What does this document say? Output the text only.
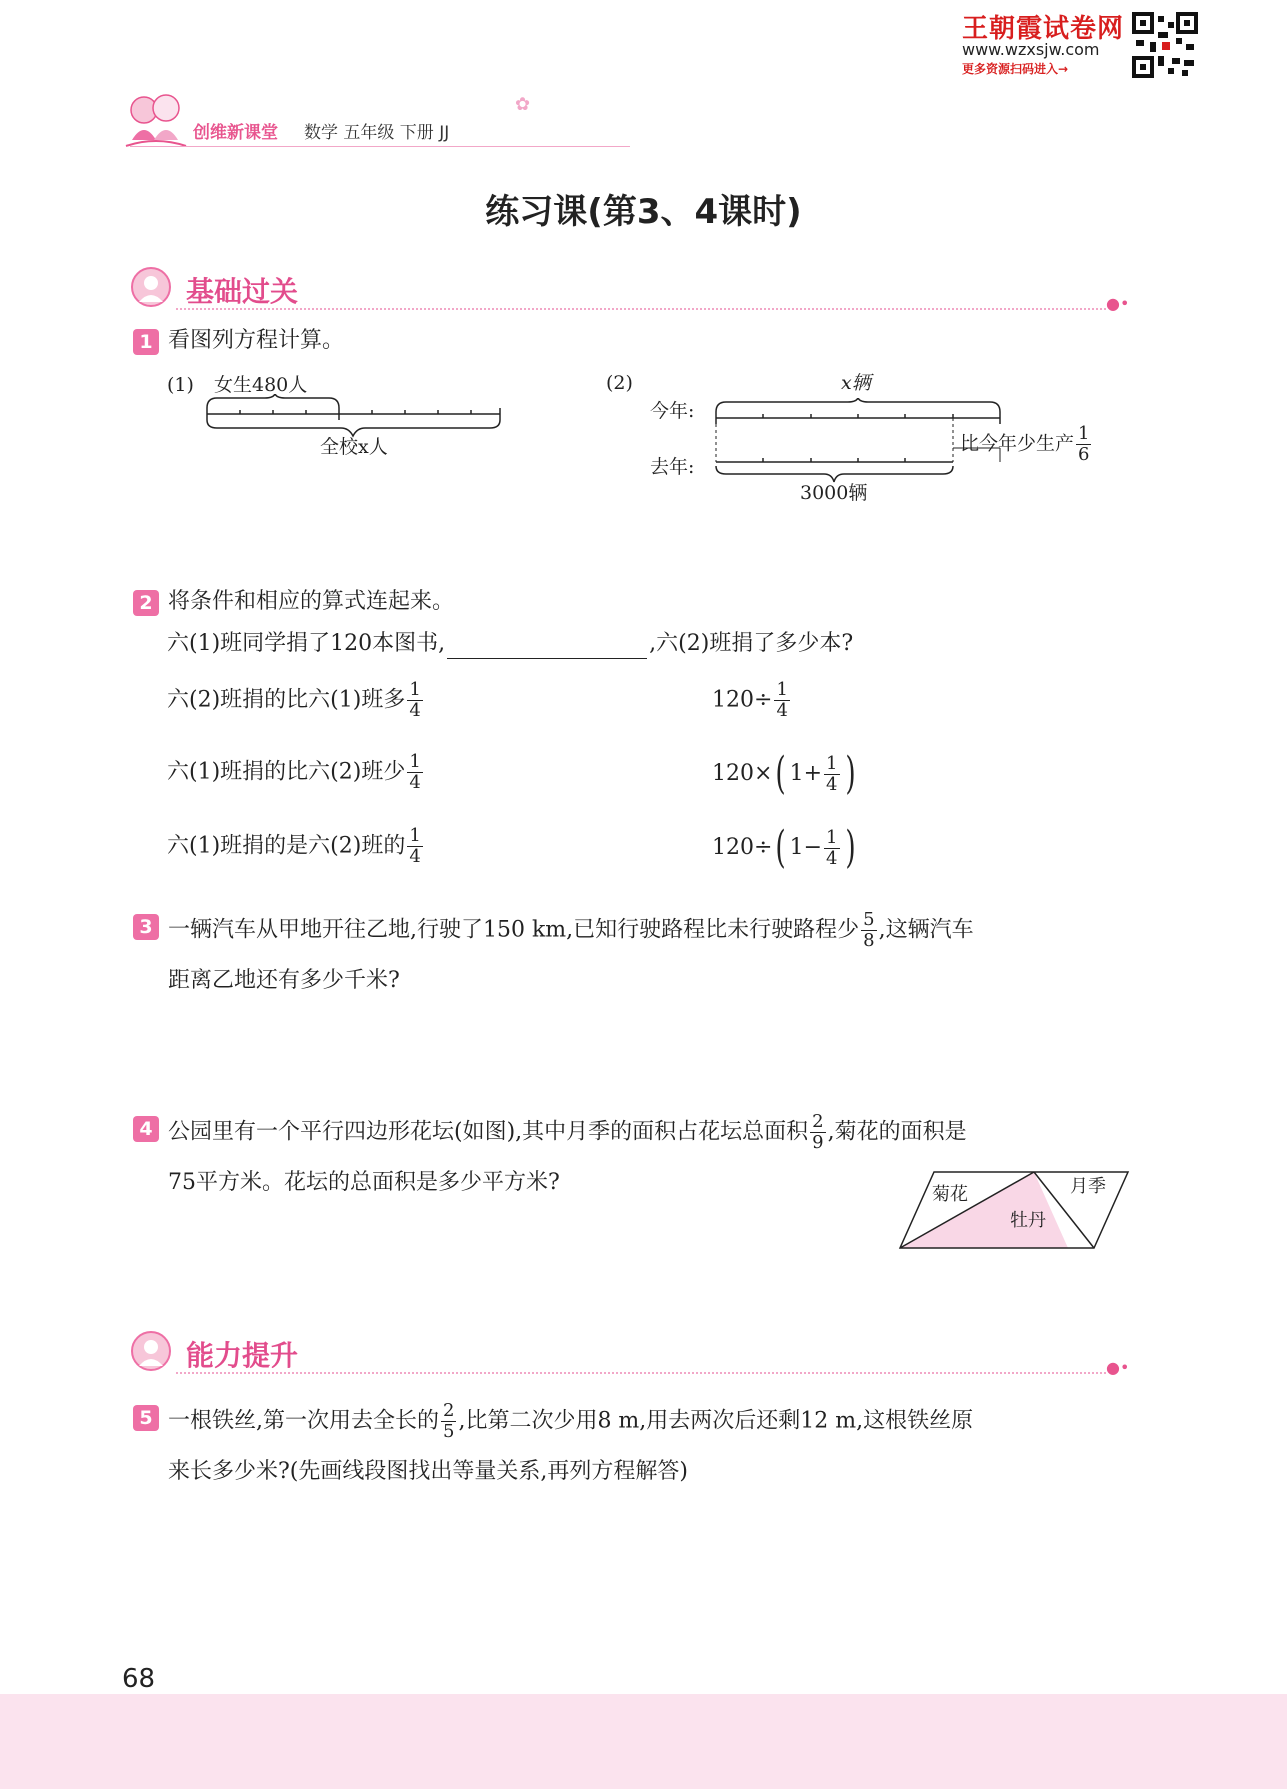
创维新课堂 数学 五年级 下册 JJ
✿
王朝霞试卷网
www.wzxsjw.com
更多资源扫码进入→
练习课(第3、4课时)
基础过关	●•
1 看图列方程计算。
(1) 女生480人
全校x人
(2)	x辆
今年:
去年:
比今年少生产 $\frac{1}{6}$
3000辆
2 将条件和相应的算式连起来。
六(1)班同学捐了120本图书,	,六(2)班捐了多少本?
六(2)班捐的比六(1)班多 $\frac{1}{4}$
六(1)班捐的比六(2)班少 $\frac{1}{4}$
六(1)班捐的是六(2)班的 $\frac{1}{4}$
$120\div \frac{1}{4}$
120×( $1+ \frac{1}{4}$ )
120÷( $1- \frac{1}{4}$ )
3 一辆汽车从甲地开往乙地,行驶了150 km,已知行驶路程比未行驶路程少 $\frac{5}{8}$ ,这辆汽车
距离乙地还有多少千米?
4 公园里有一个平行四边形花坛(如图),其中月季的面积占花坛总面积 $\frac{2}{9}$ ,菊花的面积是
75平方米。花坛的总面积是多少平方米?	菊花
牡丹
月季
能力提升	●•
5 一根铁丝,第一次用去全长的 $\frac{2}{5}$ ,比第二次少用8 m,用去两次后还剩12 m,这根铁丝原
来长多少米?(先画线段图找出等量关系,再列方程解答)
68
